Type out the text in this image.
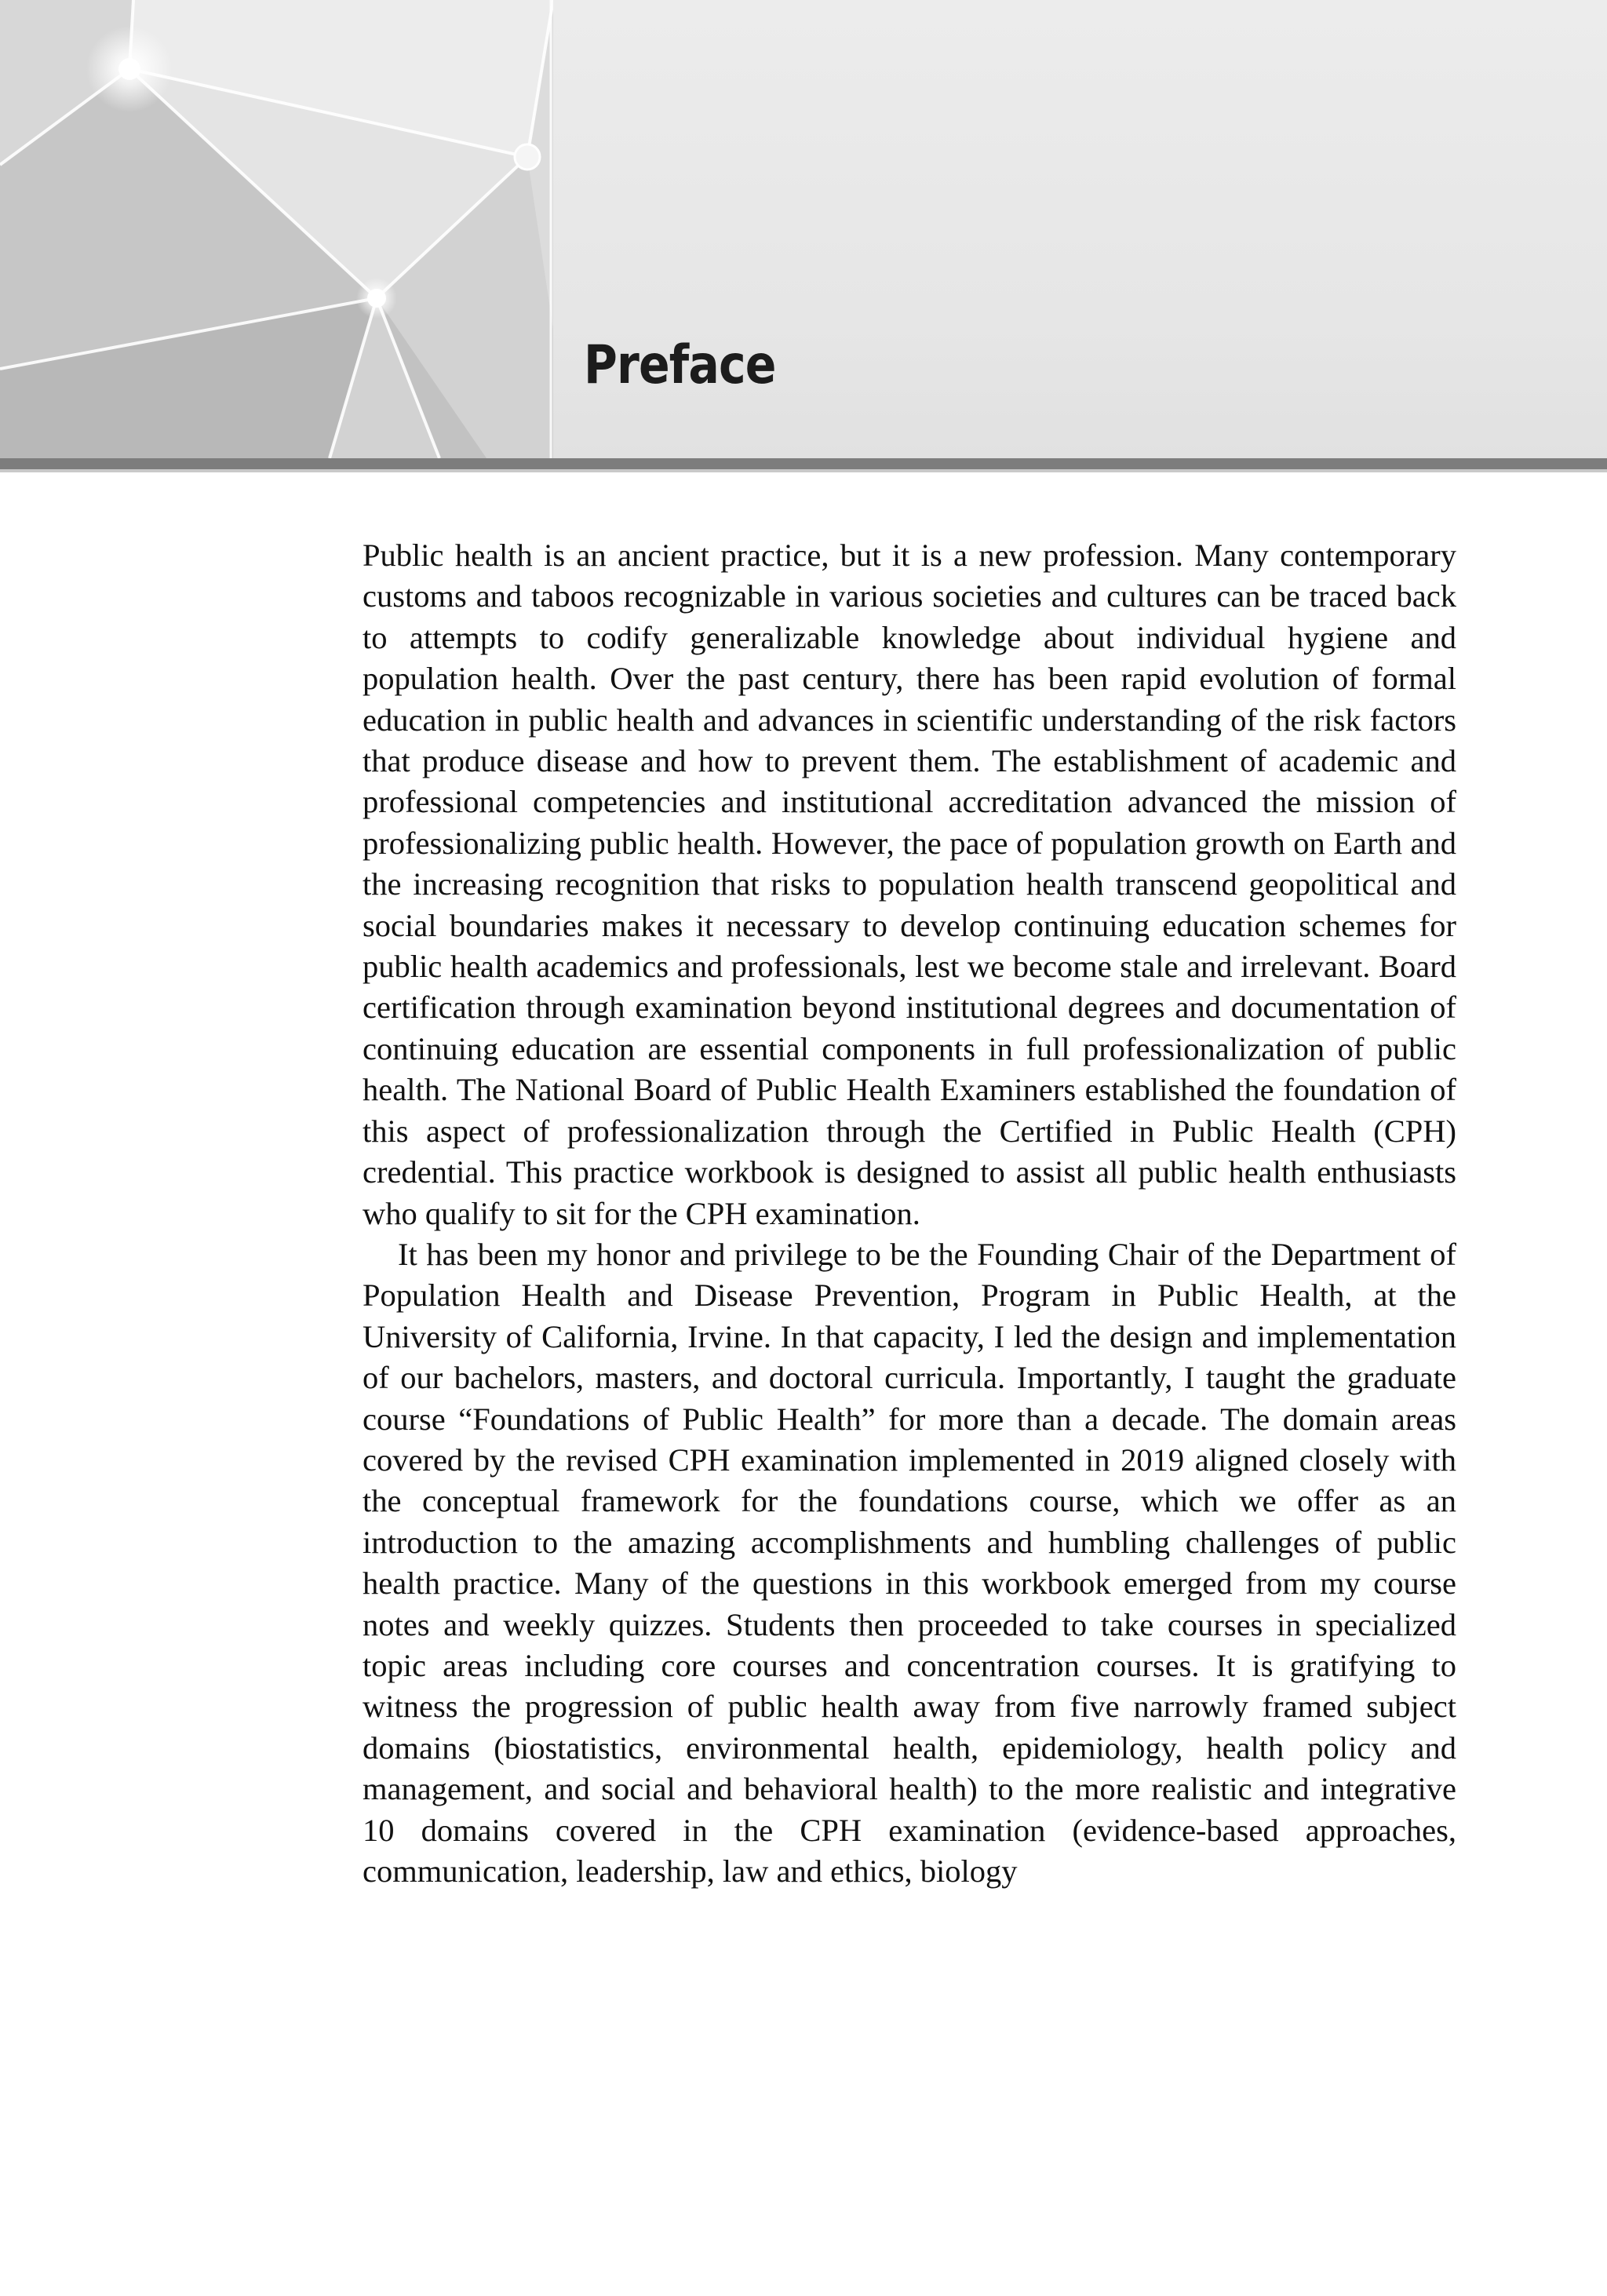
Preface

Public health is an ancient practice, but it is a new profession. Many contemporary customs and taboos recognizable in various societies and cultures can be traced back to attempts to codify generalizable knowledge about individual hygiene and population health. Over the past century, there has been rapid evolution of formal education in public health and advances in scientific understanding of the risk factors that produce disease and how to prevent them. The establishment of academic and professional competencies and institutional accreditation advanced the mission of professionalizing public health. However, the pace of population growth on Earth and the increasing recognition that risks to population health transcend geopolitical and social boundaries makes it necessary to develop continuing education schemes for public health academics and professionals, lest we become stale and irrelevant. Board certification through examination beyond institutional degrees and documentation of continuing education are essential components in full professionalization of public health. The National Board of Public Health Examiners established the foundation of this aspect of professionalization through the Certified in Public Health (CPH) credential. This practice workbook is designed to assist all public health enthusiasts who qualify to sit for the CPH examination.

It has been my honor and privilege to be the Founding Chair of the Department of Population Health and Disease Prevention, Program in Public Health, at the University of California, Irvine. In that capacity, I led the design and implementation of our bachelors, masters, and doctoral curricula. Importantly, I taught the graduate course “Foundations of Public Health” for more than a decade. The domain areas covered by the revised CPH examination implemented in 2019 aligned closely with the conceptual framework for the foundations course, which we offer as an introduction to the amazing accomplishments and humbling challenges of public health practice. Many of the questions in this workbook emerged from my course notes and weekly quizzes. Students then proceeded to take courses in specialized topic areas including core courses and concentration courses. It is gratifying to witness the progression of public health away from five narrowly framed subject domains (biostatistics, environmental health, epidemiology, health policy and management, and social and behavioral health) to the more realistic and integrative 10 domains covered in the CPH examination (evidence-based approaches, communication, leadership, law and ethics, biology
